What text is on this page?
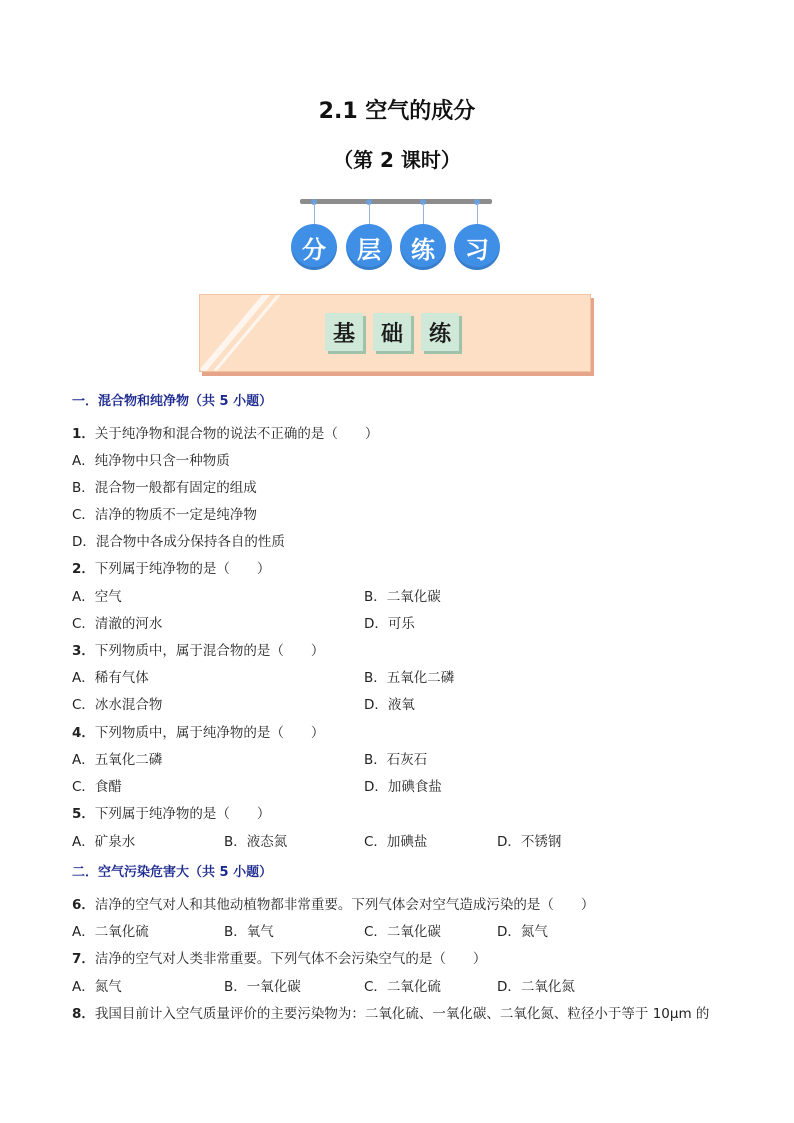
2.1 空气的成分
（第 2 课时）
分	层	练	习
基	础	练
一．混合物和纯净物（共 5 小题）
1．关于纯净物和混合物的说法不正确的是（　　）
A．纯净物中只含一种物质
B．混合物一般都有固定的组成
C．洁净的物质不一定是纯净物
D．混合物中各成分保持各自的性质
2．下列属于纯净物的是（　　）
A．空气	B．二氧化碳
C．清澈的河水	D．可乐
3．下列物质中，属于混合物的是（　　）
A．稀有气体	B．五氧化二磷
C．冰水混合物	D．液氧
4．下列物质中，属于纯净物的是（　　）
A．五氧化二磷	B．石灰石
C．食醋	D．加碘食盐
5．下列属于纯净物的是（　　）
A．矿泉水	B．液态氮	C．加碘盐	D．不锈钢
二．空气污染危害大（共 5 小题）
6．洁净的空气对人和其他动植物都非常重要。下列气体会对空气造成污染的是（　　）
A．二氧化硫	B．氧气	C．二氧化碳	D．氮气
7．洁净的空气对人类非常重要。下列气体不会污染空气的是（　　）
A．氮气	B．一氧化碳	C．二氧化硫	D．二氧化氮
8．我国目前计入空气质量评价的主要污染物为：二氧化硫、一氧化碳、二氧化氮、粒径小于等于 10μm 的
